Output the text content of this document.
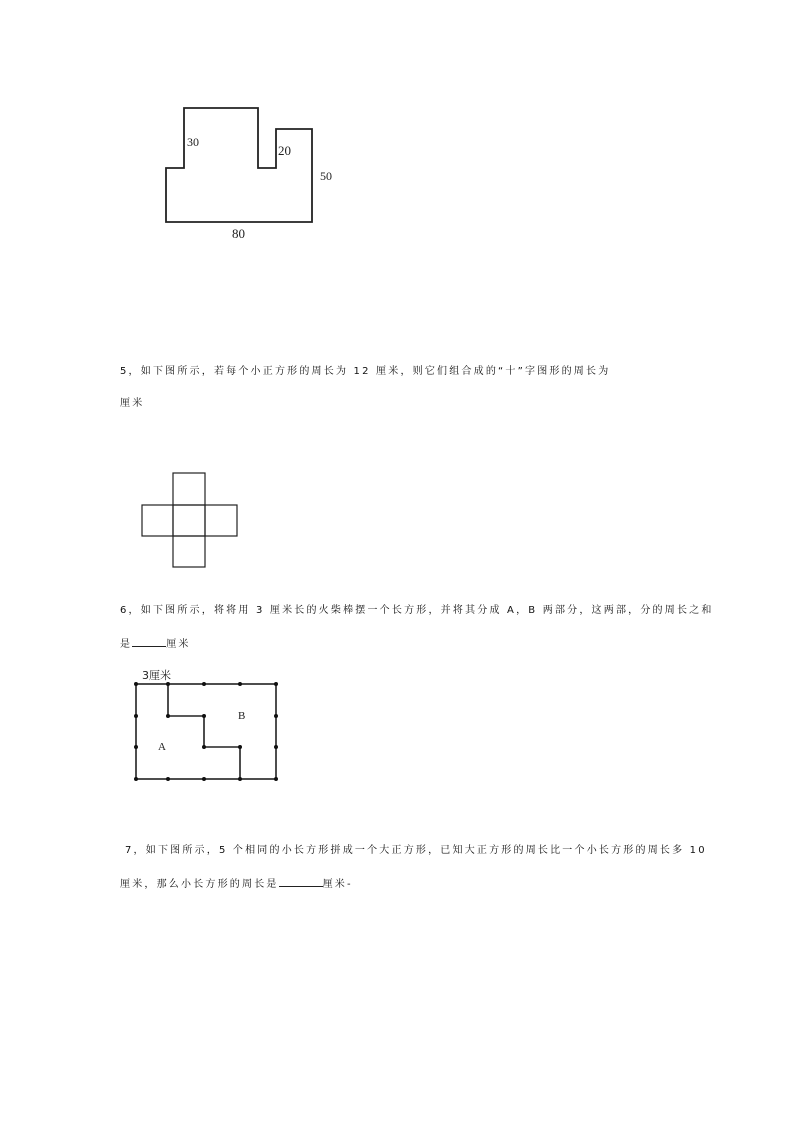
30
20
50
80
5，如下图所示，若每个小正方形的周长为 12 厘米，则它们组合成的“十”字图形的周长为
厘米
6，如下图所示，将将用 3 厘米长的火柴棒摆一个长方形，并将其分成 A，B 两部分，这两部，分的周长之和
是	厘米
3厘米
A
B
7，如下图所示，5 个相同的小长方形拼成一个大正方形，已知大正方形的周长比一个小长方形的周长多 10
厘米，那么小长方形的周长是	厘米-
